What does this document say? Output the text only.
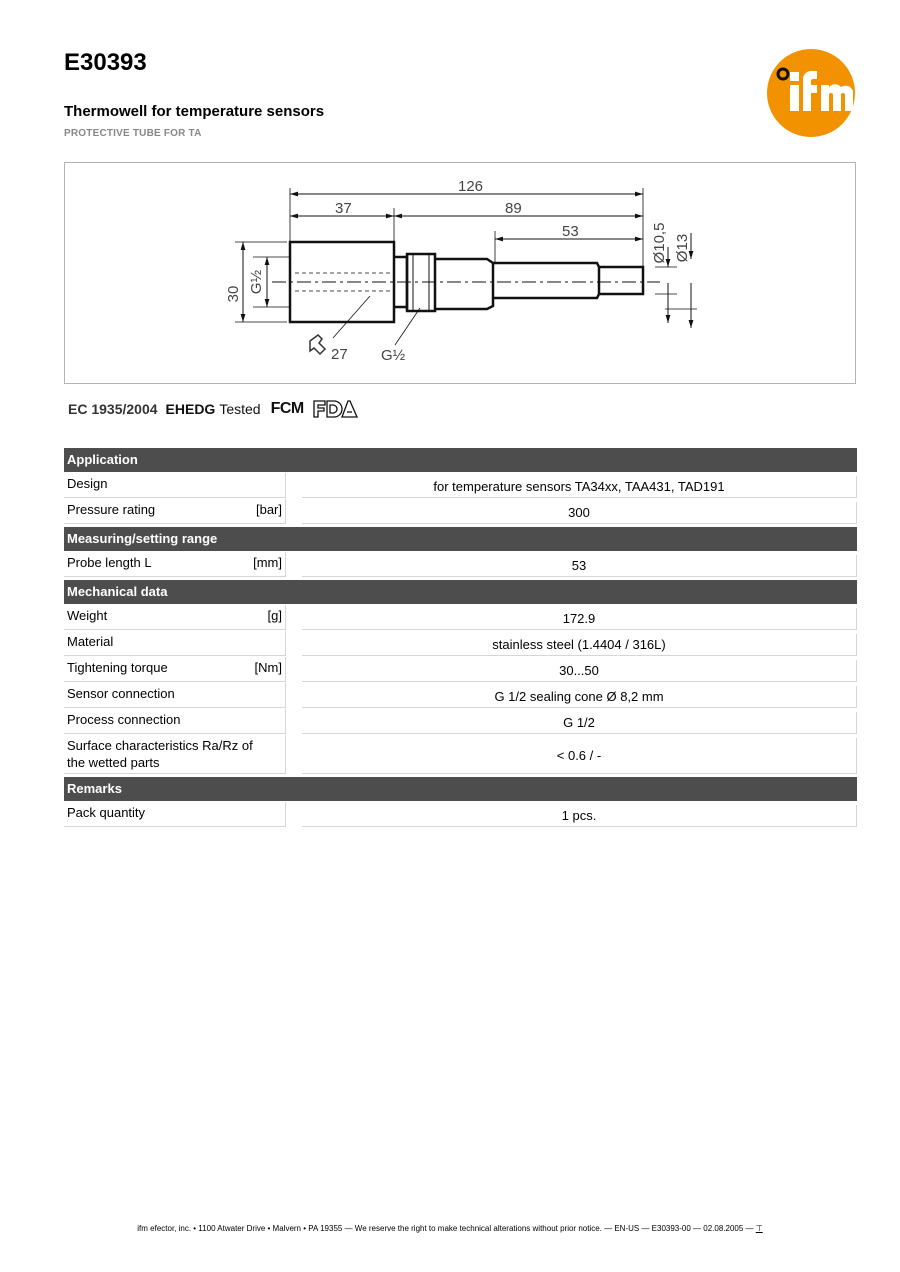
E30393
Thermowell for temperature sensors
PROTECTIVE TUBE FOR TA
126
37	89
53
30 G½
Ø10,5 Ø13
27 G½
EC 1935/2004 EHEDG Tested FCM
Application
Design	for temperature sensors TA34xx, TAA431, TAD191
Pressure rating	[bar]	300
Measuring/setting range
Probe length L	[mm]	53
Mechanical data
Weight	[g]	172.9
Material	stainless steel (1.4404 / 316L)
Tightening torque	[Nm]	30...50
Sensor connection	G 1/2 sealing cone Ø 8,2 mm
Process connection	G 1/2
Surface characteristics Ra/Rz of the wetted parts	< 0.6 / -
Remarks
Pack quantity	1 pcs.
ifm efector, inc. • 1100 Atwater Drive • Malvern • PA 19355 — We reserve the right to make technical alterations without prior notice. — EN-US — E30393-00 — 02.08.2005 — ⊤
